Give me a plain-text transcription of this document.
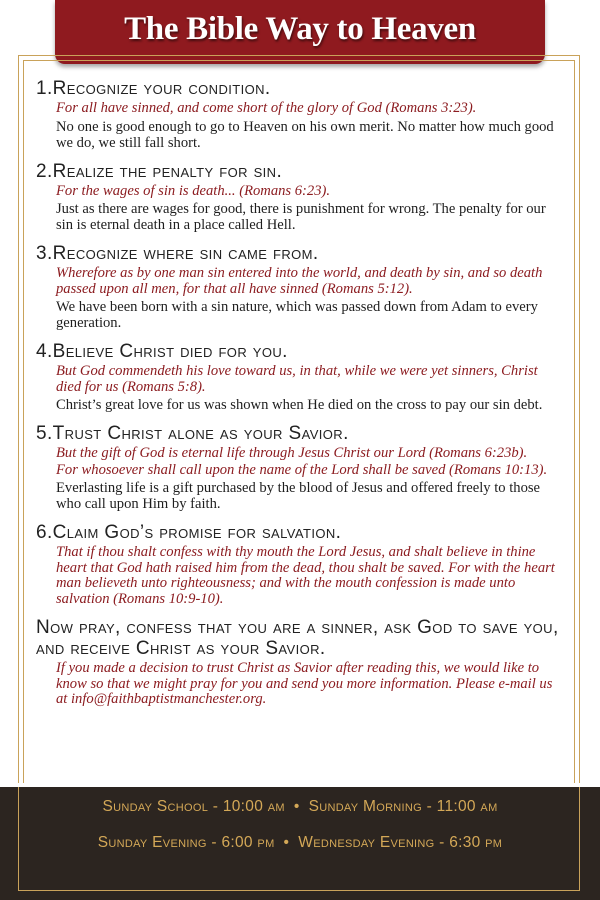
The Bible Way to Heaven

1.Recognize your condition.

For all have sinned, and come short of the glory of God (Romans 3:23).

No one is good enough to go to Heaven on his own merit. No matter how much good we do, we still fall short.

2.Realize the penalty for sin.

For the wages of sin is death... (Romans 6:23).

Just as there are wages for good, there is punishment for wrong. The penalty for our sin is eternal death in a place called Hell.

3.Recognize where sin came from.

Wherefore as by one man sin entered into the world, and death by sin, and so death passed upon all men, for that all have sinned (Romans 5:12).

We have been born with a sin nature, which was passed down from Adam to every generation.

4.Believe Christ died for you.

But God commendeth his love toward us, in that, while we were yet sinners, Christ died for us (Romans 5:8).

Christ’s great love for us was shown when He died on the cross to pay our sin debt.

5.Trust Christ alone as your Savior.

But the gift of God is eternal life through Jesus Christ our Lord (Romans 6:23b).

For whosoever shall call upon the name of the Lord shall be saved (Romans 10:13).

Everlasting life is a gift purchased by the blood of Jesus and offered freely to those who call upon Him by faith.

6.Claim God’s promise for salvation.

That if thou shalt confess with thy mouth the Lord Jesus, and shalt believe in thine heart that God hath raised him from the dead, thou shalt be saved. For with the heart man believeth unto righteousness; and with the mouth confession is made unto salvation (Romans 10:9-10).

Now pray, confess that you are a sinner, ask God to save you, and receive Christ as your Savior.

If you made a decision to trust Christ as Savior after reading this, we would like to know so that we might pray for you and send you more information. Please e-mail us at info@faithbaptistmanchester.org.

Sunday School - 10:00 am • Sunday Morning - 11:00 am
Sunday Evening - 6:00 pm • Wednesday Evening - 6:30 pm
